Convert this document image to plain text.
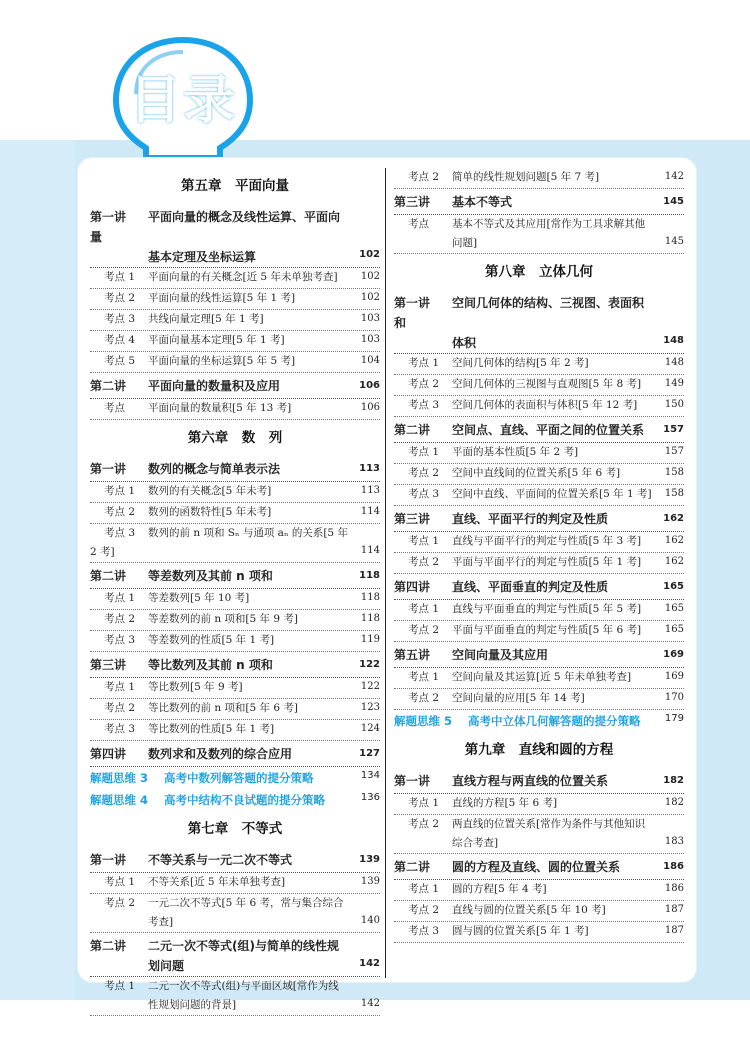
目录
第五章　平面向量
第一讲 平面向量的概念及线性运算、平面向量
基本定理及坐标运算	102
考点 1 平面向量的有关概念[近 5 年未单独考查] 102
考点 2 平面向量的线性运算[5 年 1 考]	102
考点 3 共线向量定理[5 年 1 考]	103
考点 4 平面向量基本定理[5 年 1 考]	103
考点 5 平面向量的坐标运算[5 年 5 考]	104
第二讲 平面向量的数量积及应用	106
考点 平面向量的数量积[5 年 13 考]	106
第六章　数　列
第一讲 数列的概念与简单表示法	113
考点 1 数列的有关概念[5 年未考]	113
考点 2 数列的函数特性[5 年未考]	114
考点 3 数列的前 n 项和 Sₙ 与通项 aₙ 的关系[5 年 2 考]	114
第二讲 等差数列及其前 n 项和	118
考点 1 等差数列[5 年 10 考]	118
考点 2 等差数列的前 n 项和[5 年 9 考]	118
考点 3 等差数列的性质[5 年 1 考]	119
第三讲 等比数列及其前 n 项和	122
考点 1 等比数列[5 年 9 考]	122
考点 2 等比数列的前 n 项和[5 年 6 考]	123
考点 3 等比数列的性质[5 年 1 考]	124
第四讲 数列求和及数列的综合应用	127
解题思维 3 高考中数列解答题的提分策略	134
解题思维 4 高考中结构不良试题的提分策略	136
第七章　不等式
第一讲 不等关系与一元二次不等式	139
考点 1 不等关系[近 5 年未单独考查]	139
考点 2 一元二次不等式[5 年 6 考，常与集合综合
考查]	140
第二讲 二元一次不等式(组)与简单的线性规
划问题	142
考点 1 二元一次不等式(组)与平面区域[常作为线
性规划问题的背景]	142
考点 2 简单的线性规划问题[5 年 7 考]	142
第三讲 基本不等式	145
考点 基本不等式及其应用[常作为工具求解其他
问题]	145
第八章　立体几何
第一讲 空间几何体的结构、三视图、表面积和
体积	148
考点 1 空间几何体的结构[5 年 2 考]	148
考点 2 空间几何体的三视图与直观图[5 年 8 考] 149
考点 3 空间几何体的表面积与体积[5 年 12 考]	150
第二讲 空间点、直线、平面之间的位置关系 157
考点 1 平面的基本性质[5 年 2 考]	157
考点 2 空间中直线间的位置关系[5 年 6 考]	158
考点 3 空间中直线、平面间的位置关系[5 年 1 考] 158
第三讲 直线、平面平行的判定及性质	162
考点 1 直线与平面平行的判定与性质[5 年 3 考] 162
考点 2 平面与平面平行的判定与性质[5 年 1 考] 162
第四讲 直线、平面垂直的判定及性质	165
考点 1 直线与平面垂直的判定与性质[5 年 5 考] 165
考点 2 平面与平面垂直的判定与性质[5 年 6 考] 165
第五讲 空间向量及其应用	169
考点 1 空间向量及其运算[近 5 年未单独考查]	169
考点 2 空间向量的应用[5 年 14 考]	170
解题思维 5 高考中立体几何解答题的提分策略 179
第九章　直线和圆的方程
第一讲 直线方程与两直线的位置关系	182
考点 1 直线的方程[5 年 6 考]	182
考点 2 两直线的位置关系[常作为条件与其他知识
综合考查]	183
第二讲 圆的方程及直线、圆的位置关系	186
考点 1 圆的方程[5 年 4 考]	186
考点 2 直线与圆的位置关系[5 年 10 考]	187
考点 3 圆与圆的位置关系[5 年 1 考]	187
